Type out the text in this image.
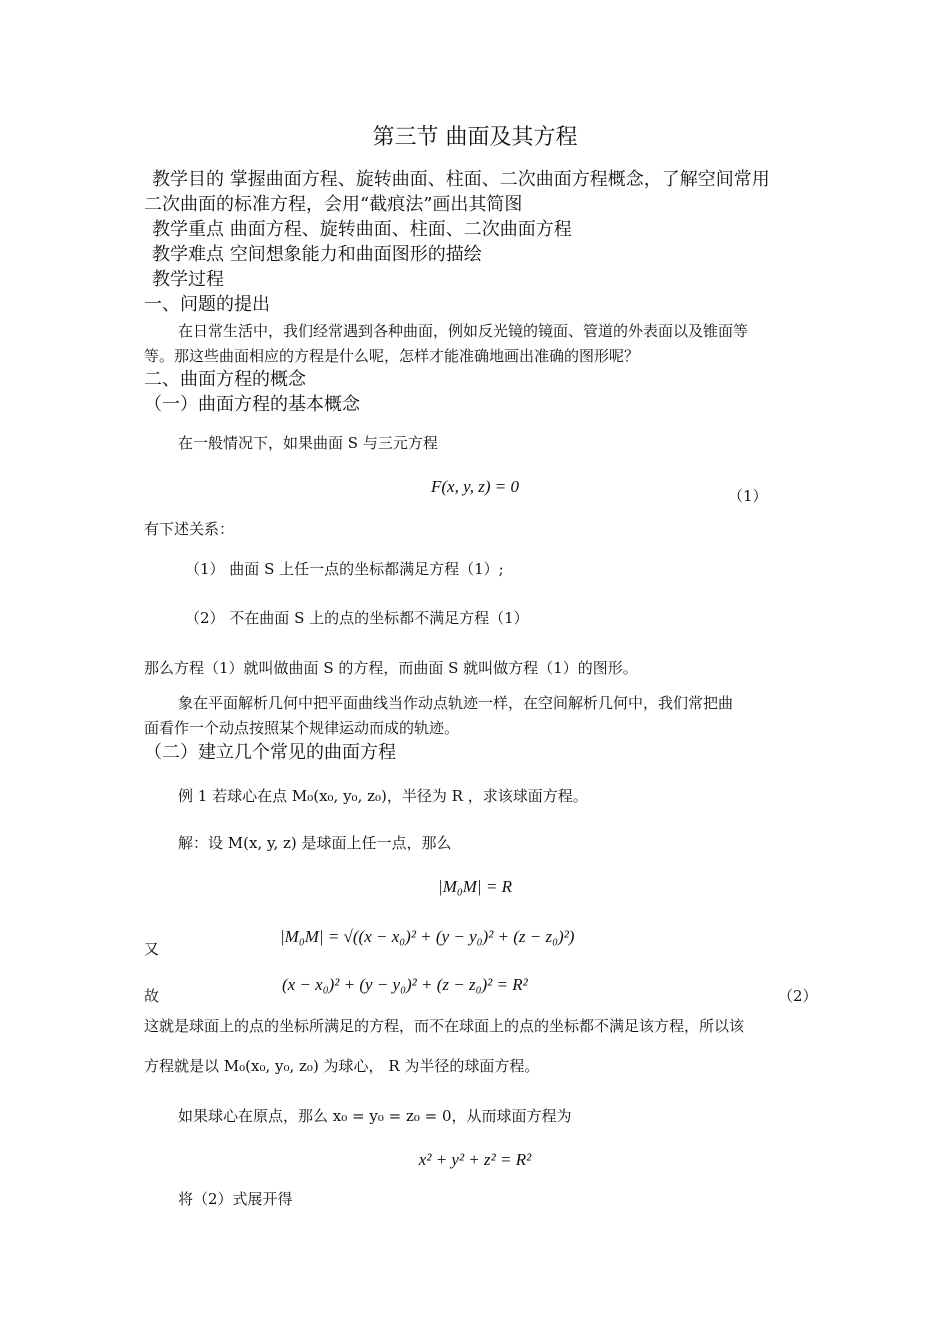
第三节 曲面及其方程
教学目的 掌握曲面方程、旋转曲面、柱面、二次曲面方程概念，了解空间常用
二次曲面的标准方程，会用“截痕法”画出其简图
教学重点 曲面方程、旋转曲面、柱面、二次曲面方程
教学难点 空间想象能力和曲面图形的描绘
教学过程
一、问题的提出
在日常生活中，我们经常遇到各种曲面，例如反光镜的镜面、管道的外表面以及锥面等
等。那这些曲面相应的方程是什么呢，怎样才能准确地画出准确的图形呢？
二、曲面方程的概念
（一）曲面方程的基本概念
在一般情况下，如果曲面 S 与三元方程
F(x, y, z) = 0	（1）
有下述关系：
（1） 曲面 S 上任一点的坐标都满足方程（1）;
（2） 不在曲面 S 上的点的坐标都不满足方程（1）
那么方程（1）就叫做曲面 S 的方程，而曲面 S 就叫做方程（1）的图形。
象在平面解析几何中把平面曲线当作动点轨迹一样，在空间解析几何中，我们常把曲
面看作一个动点按照某个规律运动而成的轨迹。
（二）建立几个常见的曲面方程
例 1 若球心在点 M₀(x₀, y₀, z₀)，半径为 R ，求该球面方程。
解：设 M(x, y, z) 是球面上任一点，那么
|M₀M| = R
又
|M₀M| = √((x − x₀)² + (y − y₀)² + (z − z₀)²)
故
(x − x₀)² + (y − y₀)² + (z − z₀)² = R²
（2）
这就是球面上的点的坐标所满足的方程，而不在球面上的点的坐标都不满足该方程，所以该
方程就是以 M₀(x₀, y₀, z₀) 为球心， R 为半径的球面方程。
如果球心在原点，那么 x₀ = y₀ = z₀ = 0，从而球面方程为
x² + y² + z² = R²
将（2）式展开得
